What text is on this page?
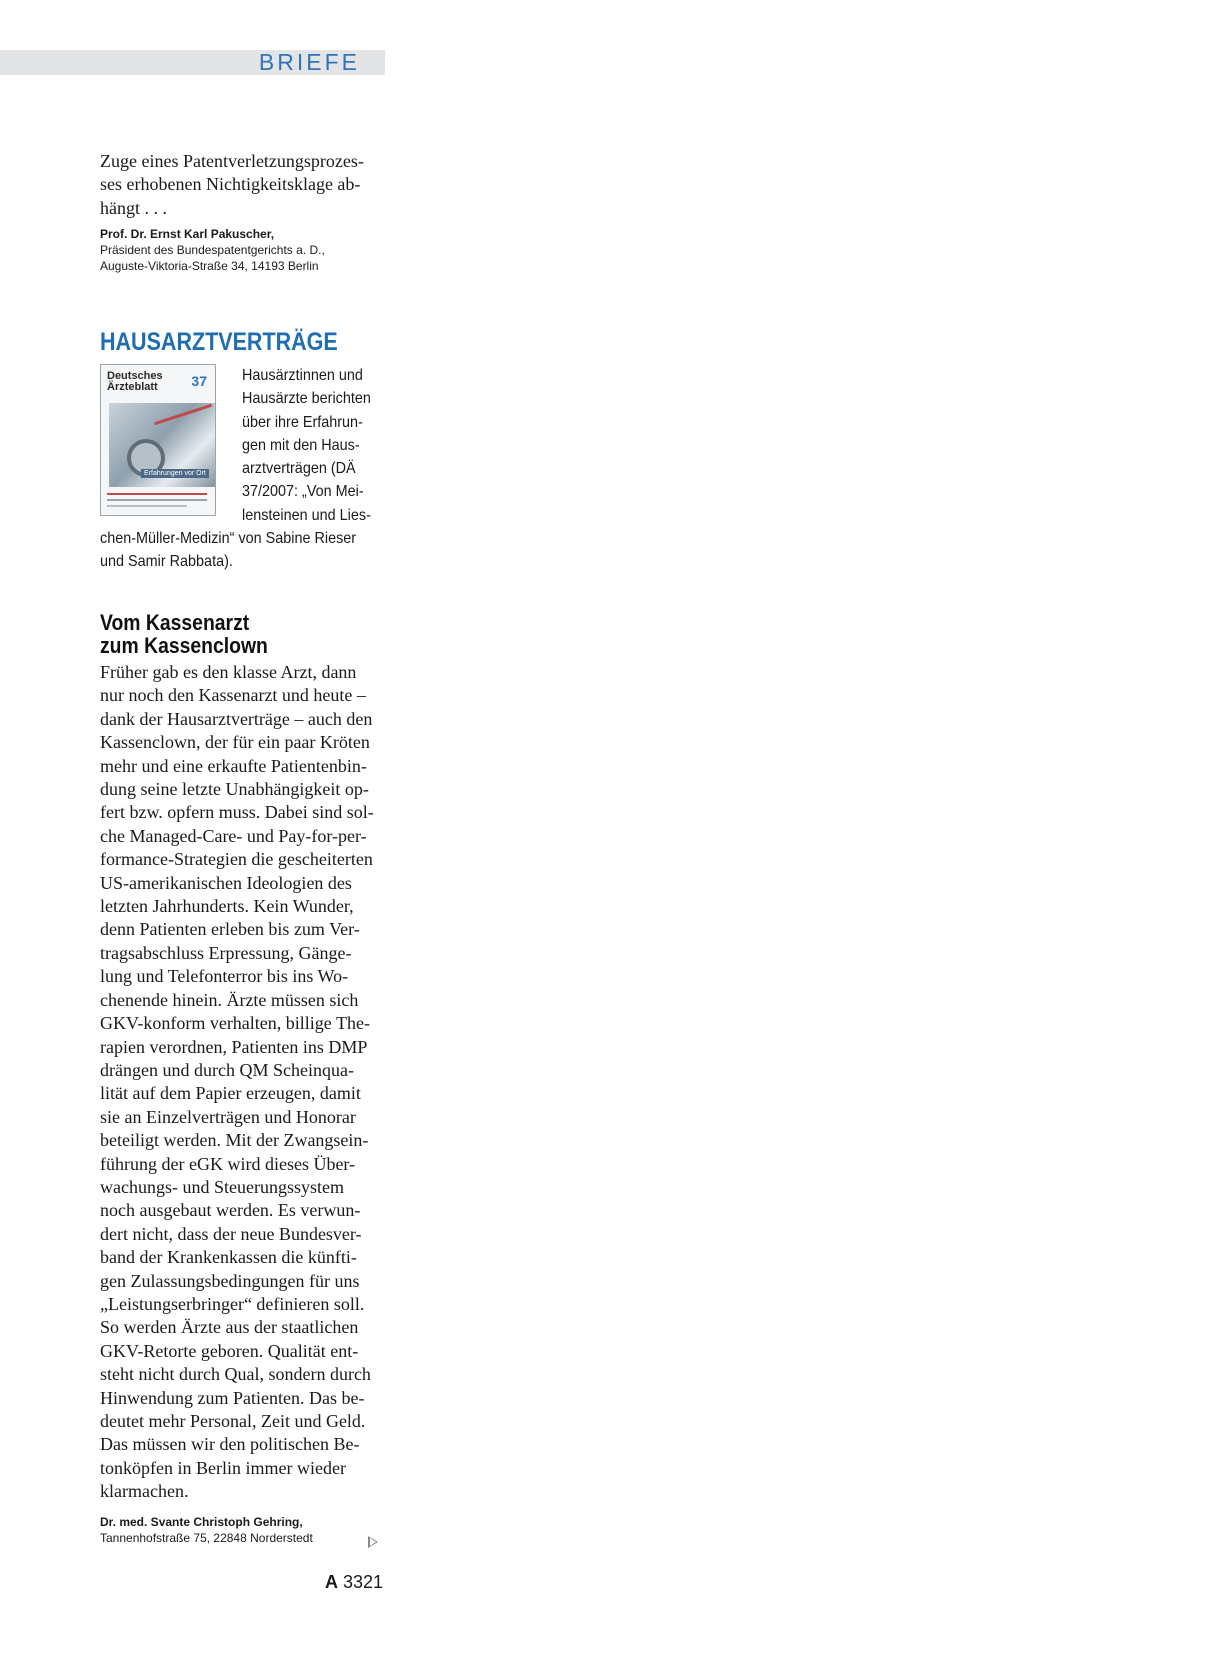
BRIEFE
Zuge eines Patentverletzungsprozes-
ses erhobenen Nichtigkeitsklage ab-
hängt . . .
Prof. Dr. Ernst Karl Pakuscher,
Präsident des Bundespatentgerichts a. D.,
Auguste-Viktoria-Straße 34, 14193 Berlin
HAUSARZTVERTRÄGE
Deutsches
Ärzteblatt	37
Erfahrungen vor Ort
Hausärztinnen und
Hausärzte berichten
über ihre Erfahrun-
gen mit den Haus-
arztverträgen (DÄ
37/2007: „Von Mei-
lensteinen und Lies-
chen-Müller-Medizin“ von Sabine Rieser
und Samir Rabbata).
Vom Kassenarzt
zum Kassenclown
Früher gab es den klasse Arzt, dann
nur noch den Kassenarzt und heute –
dank der Hausarztverträge – auch den
Kassenclown, der für ein paar Kröten
mehr und eine erkaufte Patientenbin-
dung seine letzte Unabhängigkeit op-
fert bzw. opfern muss. Dabei sind sol-
che Managed-Care- und Pay-for-per-
formance-Strategien die gescheiterten
US-amerikanischen Ideologien des
letzten Jahrhunderts. Kein Wunder,
denn Patienten erleben bis zum Ver-
tragsabschluss Erpressung, Gänge-
lung und Telefonterror bis ins Wo-
chenende hinein. Ärzte müssen sich
GKV-konform verhalten, billige The-
rapien verordnen, Patienten ins DMP
drängen und durch QM Scheinqua-
lität auf dem Papier erzeugen, damit
sie an Einzelverträgen und Honorar
beteiligt werden. Mit der Zwangsein-
führung der eGK wird dieses Über-
wachungs- und Steuerungssystem
noch ausgebaut werden. Es verwun-
dert nicht, dass der neue Bundesver-
band der Krankenkassen die künfti-
gen Zulassungsbedingungen für uns
„Leistungserbringer“ definieren soll.
So werden Ärzte aus der staatlichen
GKV-Retorte geboren. Qualität ent-
steht nicht durch Qual, sondern durch
Hinwendung zum Patienten. Das be-
deutet mehr Personal, Zeit und Geld.
Das müssen wir den politischen Be-
tonköpfen in Berlin immer wieder
klarmachen.
Dr. med. Svante Christoph Gehring,
Tannenhofstraße 75, 22848 Norderstedt
A 3321
